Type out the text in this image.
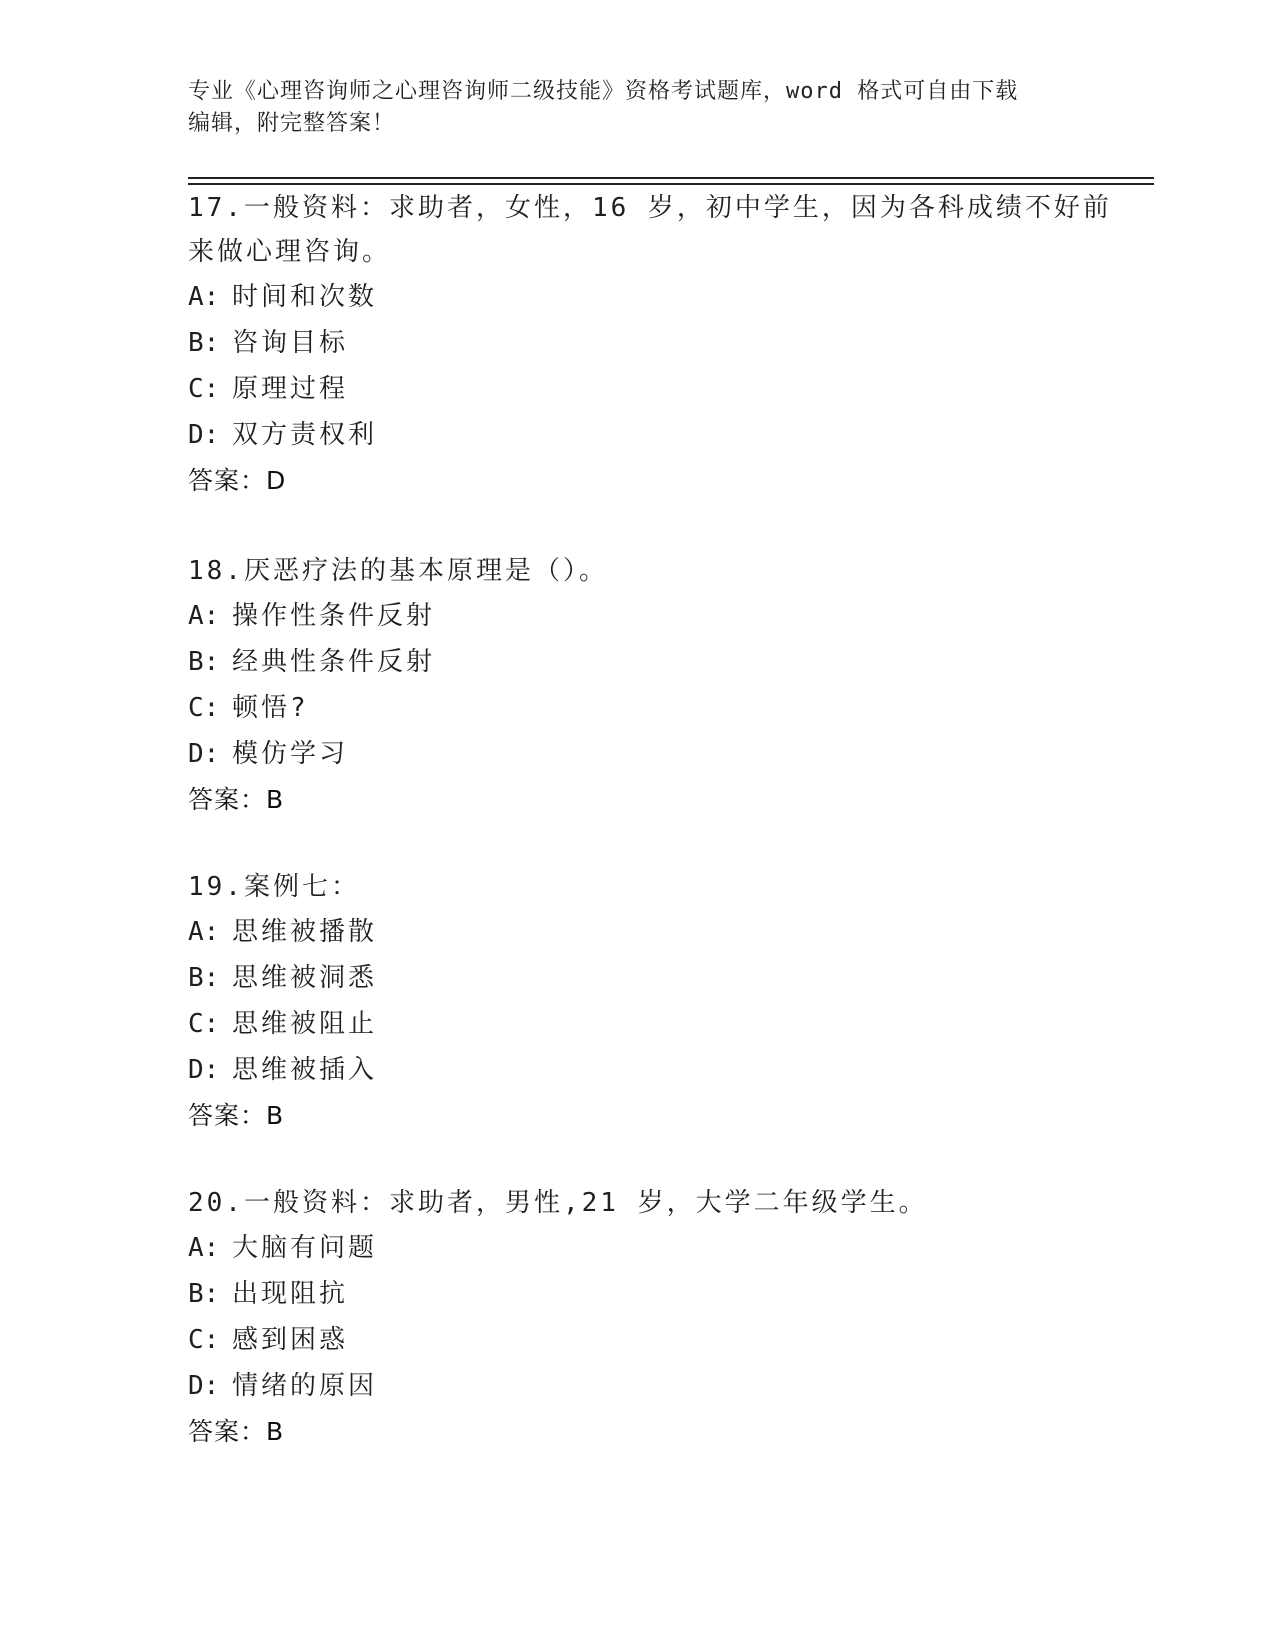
专业《心理咨询师之心理咨询师二级技能》资格考试题库，word 格式可自由下载
编辑，附完整答案！
17.一般资料：求助者，女性，16 岁，初中学生，因为各科成绩不好前
来做心理咨询。
A: 时间和次数
B: 咨询目标
C: 原理过程
D: 双方责权利
答案：D
18.厌恶疗法的基本原理是（）。
A: 操作性条件反射
B: 经典性条件反射
C: 顿悟?
D: 模仿学习
答案：B
19.案例七：
A: 思维被播散
B: 思维被洞悉
C: 思维被阻止
D: 思维被插入
答案：B
20.一般资料：求助者，男性,21 岁，大学二年级学生。
A: 大脑有问题
B: 出现阻抗
C: 感到困惑
D: 情绪的原因
答案：B
